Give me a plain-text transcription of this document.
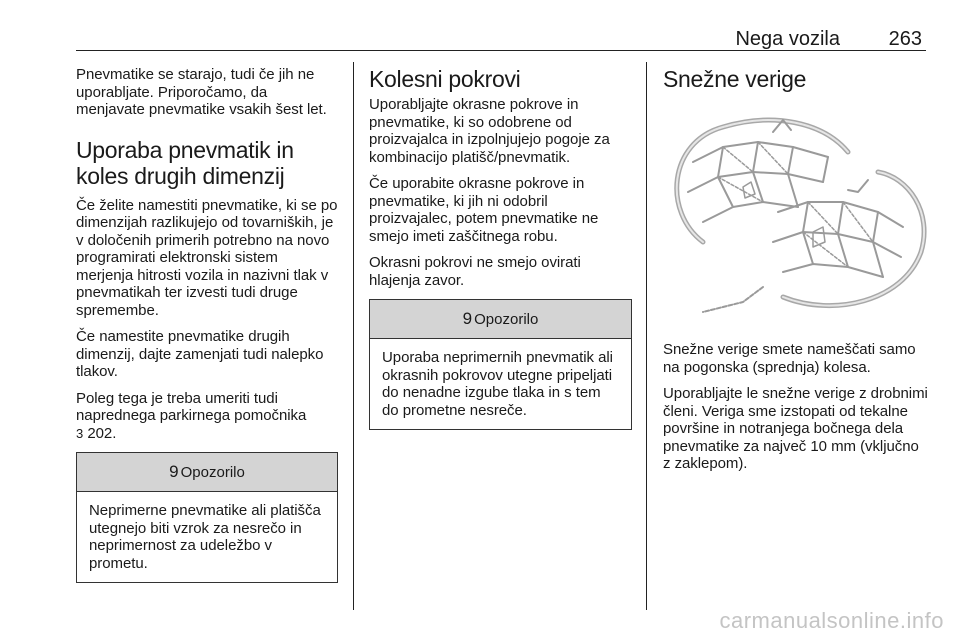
Nega vozila 263

Pnevmatike se starajo, tudi če jih ne uporabljate. Priporočamo, da menjavate pnevmatike vsakih šest let.

Uporaba pnevmatik in koles drugih dimenzij

Če želite namestiti pnevmatike, ki se po dimenzijah razlikujejo od tovarniških, je v določenih primerih potrebno na novo programirati elektronski sistem merjenja hitrosti vozila in nazivni tlak v pnevmatikah ter izvesti tudi druge spremembe.

Če namestite pnevmatike drugih dimenzij, dajte zamenjati tudi nalepko tlakov.

Poleg tega je treba umeriti tudi naprednega parkirnega pomočnika
3 202.

9 Opozorilo

Neprimerne pnevmatike ali platišča utegnejo biti vzrok za nesrečo in neprimernost za udeležbo v prometu.

Kolesni pokrovi

Uporabljajte okrasne pokrove in pnevmatike, ki so odobrene od proizvajalca in izpolnjujejo pogoje za kombinacijo platišč/pnevmatik.

Če uporabite okrasne pokrove in pnevmatike, ki jih ni odobril proizvajalec, potem pnevmatike ne smejo imeti zaščitnega robu.

Okrasni pokrovi ne smejo ovirati hlajenja zavor.

9 Opozorilo

Uporaba neprimernih pnevmatik ali okrasnih pokrovov utegne pripeljati do nenadne izgube tlaka in s tem do prometne nesreče.

Snežne verige

Snežne verige smete nameščati samo na pogonska (sprednja) kolesa.

Uporabljajte le snežne verige z drobnimi členi. Veriga sme izstopati od tekalne površine in notranjega bočnega dela pnevmatike za največ 10 mm (vključno z zaklepom).

carmanualsonline.info
